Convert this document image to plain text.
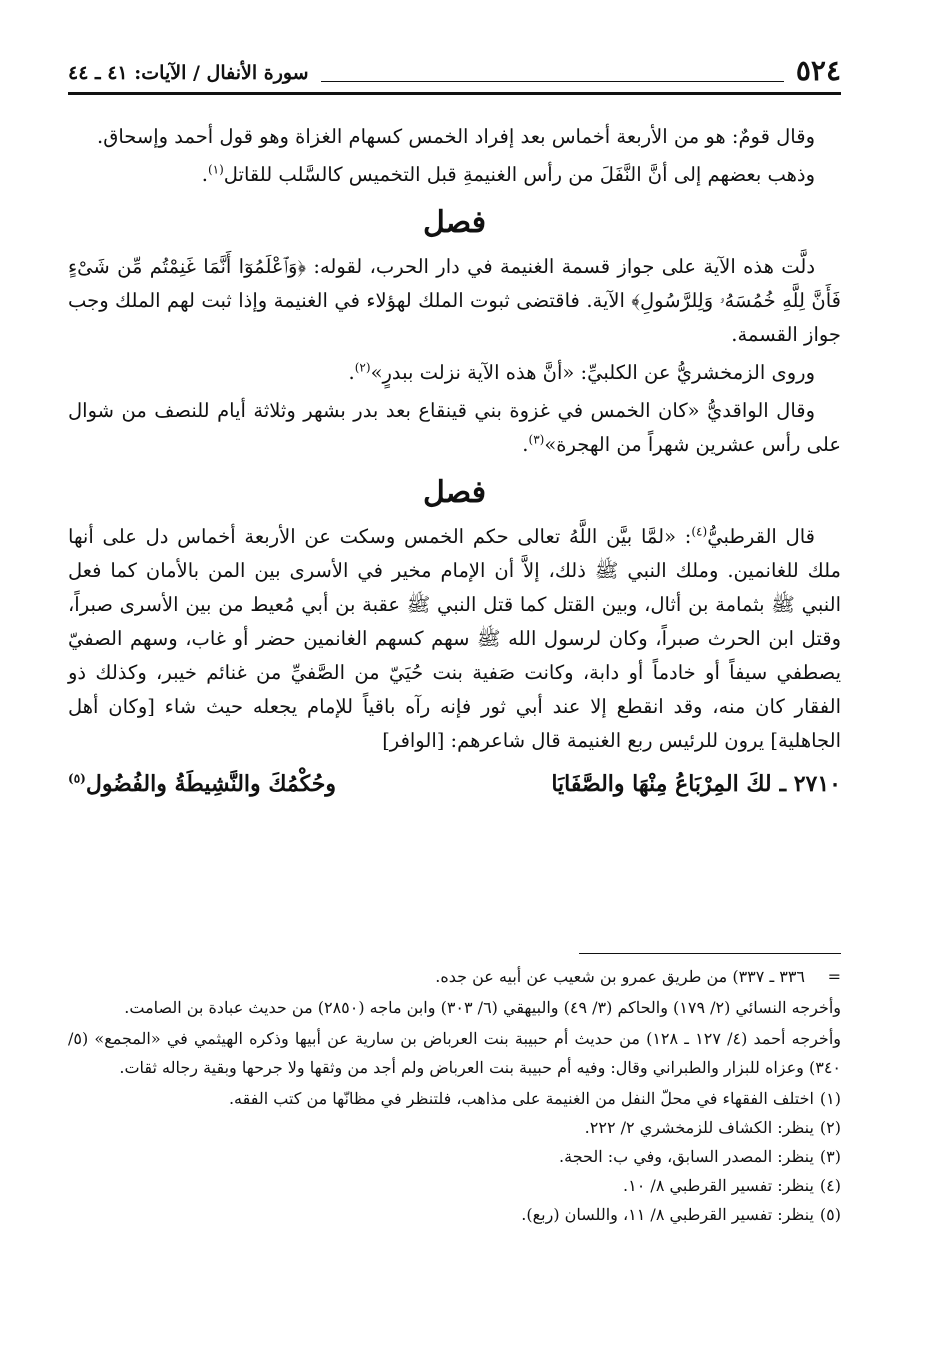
٥٢٤
سورة الأنفال / الآيات: ٤١ ـ ٤٤

وقال قومٌ: هو من الأربعة أخماس بعد إفراد الخمس كسهام الغزاة وهو قول أحمد وإسحاق.

وذهب بعضهم إلى أنَّ النَّفَلَ من رأس الغنيمةِ قبل التخميس كالسَّلب للقاتل$^{(١)}$.

فصل

دلَّت هذه الآية على جواز قسمة الغنيمة في دار الحرب، لقوله: ﴿وَٱعْلَمُوٓا أَنَّمَا غَنِمْتُم مِّن شَىْءٍ فَأَنَّ لِلَّهِ خُمُسَهُۥ وَلِلرَّسُولِ﴾ الآية. فاقتضى ثبوت الملك لهؤلاء في الغنيمة وإذا ثبت لهم الملك وجب جواز القسمة.

وروى الزمخشريُّ عن الكلبيِّ: «أنَّ هذه الآية نزلت ببدرٍ»$^{(٢)}$.

وقال الواقديُّ «كان الخمس في غزوة بني قينقاع بعد بدر بشهر وثلاثة أيام للنصف من شوال على رأس عشرين شهراً من الهجرة»$^{(٣)}$.

فصل

قال القرطبيُّ$^{(٤)}$: «لمَّا بيَّن اللَّهُ تعالى حكم الخمس وسكت عن الأربعة أخماس دل على أنها ملك للغانمين. وملك النبي ﷺ ذلك، إلاَّ أن الإمام مخير في الأسرى بين المن بالأمان كما فعل النبي ﷺ بثمامة بن أثال، وبين القتل كما قتل النبي ﷺ عقبة بن أبي مُعيط من بين الأسرى صبراً، وقتل ابن الحرث صبراً، وكان لرسول الله ﷺ سهم كسهم الغانمين حضر أو غاب، وسهم الصفيّ يصطفي سيفاً أو خادماً أو دابة، وكانت صَفية بنت حُيَيّ من الصَّفيِّ من غنائم خيبر، وكذلك ذو الفقار كان منه، وقد انقطع إلا عند أبي ثور فإنه رآه باقياً للإمام يجعله حيث شاء [وكان أهل الجاهلية] يرون للرئيس ربع الغنيمة قال شاعرهم: [الوافر]

٢٧١٠ ـ
لكَ المِرْبَاعُ مِنْهَا والصَّفَايَا
وحُكْمُكَ والنَّشِيطَةُ والفُضُول$^{(٥)}$
=
٣٣٦ ـ ٣٣٧) من طريق عمرو بن شعيب عن أبيه عن جده.
وأخرجه النسائي (٢/ ١٧٩) والحاكم (٣/ ٤٩) والبيهقي (٦/ ٣٠٣) وابن ماجه (٢٨٥٠) من حديث عبادة بن الصامت.
وأخرجه أحمد (٤/ ١٢٧ ـ ١٢٨) من حديث أم حبيبة بنت العرباض بن سارية عن أبيها وذكره الهيثمي في «المجمع» (٥/ ٣٤٠) وعزاه للبزار والطبراني وقال: وفيه أم حبيبة بنت العرباض ولم أجد من وثقها ولا جرحها وبقية رجاله ثقات.
(١)اختلف الفقهاء في محلّ النفل من الغنيمة على مذاهب، فلتنظر في مظانّها من كتب الفقه.
(٢)ينظر: الكشاف للزمخشري ٢/ ٢٢٢.
(٣)ينظر: المصدر السابق، وفي ب: الحجة.
(٤)ينظر: تفسير القرطبي ٨/ ١٠.
(٥)ينظر: تفسير القرطبي ٨/ ١١، واللسان (ربع).
